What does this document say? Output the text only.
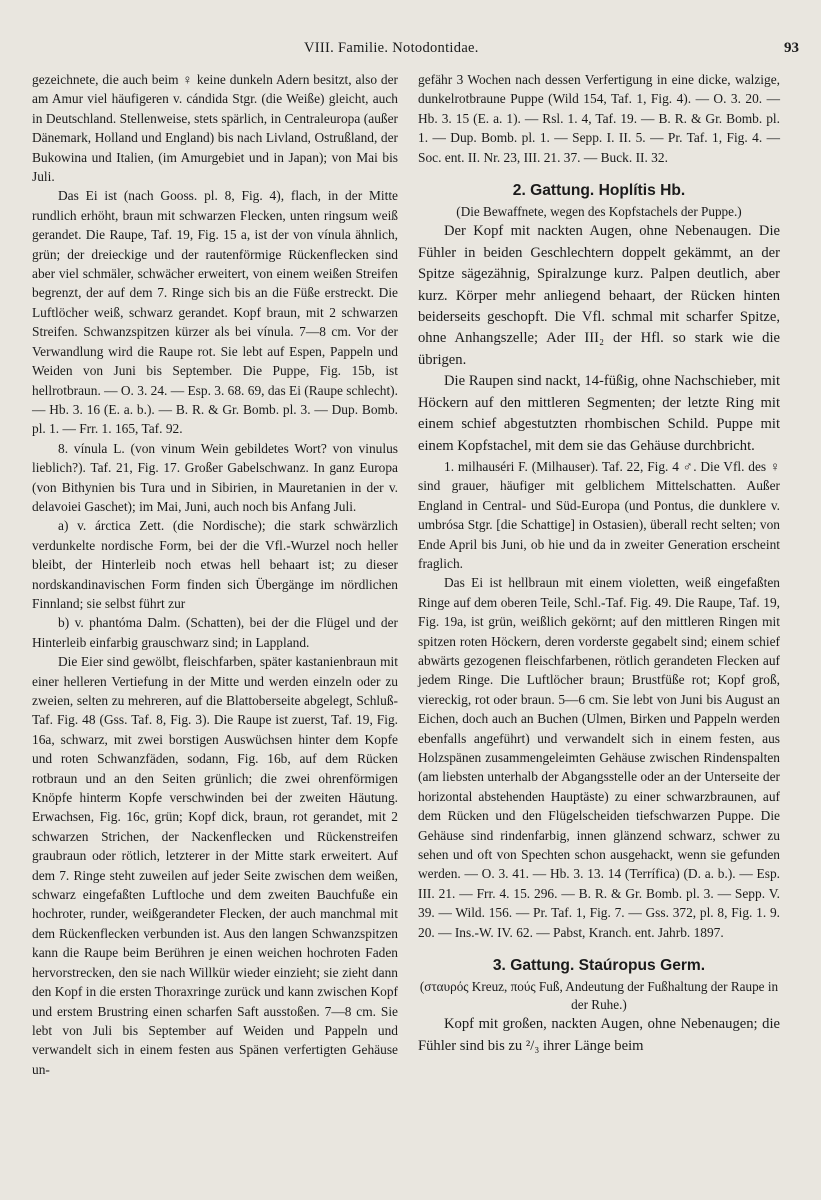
VIII. Familie. Notodontidae.	93

gezeichnete, die auch beim ♀ keine dunkeln Adern besitzt, also der am Amur viel häufigeren v. cándida Stgr. (die Weiße) gleicht, auch in Deutschland. Stellenweise, stets spärlich, in Centraleuropa (außer Dänemark, Holland und England) bis nach Livland, Ostrußland, der Bukowina und Italien, (im Amurgebiet und in Japan); von Mai bis Juli.

Das Ei ist (nach Gooss. pl. 8, Fig. 4), flach, in der Mitte rundlich erhöht, braun mit schwarzen Flecken, unten ringsum weiß gerandet. Die Raupe, Taf. 19, Fig. 15 a, ist der von vínula ähnlich, grün; der dreieckige und der rautenförmige Rückenflecken sind aber viel schmäler, schwächer erweitert, von einem weißen Streifen begrenzt, der auf dem 7. Ringe sich bis an die Füße erstreckt. Die Luftlöcher weiß, schwarz gerandet. Kopf braun, mit 2 schwarzen Streifen. Schwanzspitzen kürzer als bei vínula. 7—8 cm. Vor der Verwandlung wird die Raupe rot. Sie lebt auf Espen, Pappeln und Weiden von Juni bis September. Die Puppe, Fig. 15b, ist hellrotbraun. — O. 3. 24. — Esp. 3. 68. 69, das Ei (Raupe schlecht). — Hb. 3. 16 (E. a. b.). — B. R. & Gr. Bomb. pl. 3. — Dup. Bomb. pl. 1. — Frr. 1. 165, Taf. 92.

8. vínula L. (von vinum Wein gebildetes Wort? von vinulus lieblich?). Taf. 21, Fig. 17. Großer Gabelschwanz. In ganz Europa (von Bithynien bis Tura und in Sibirien, in Mauretanien in der v. delavoiei Gaschet); im Mai, Juni, auch noch bis Anfang Juli.

a) v. árctica Zett. (die Nordische); die stark schwärzlich verdunkelte nordische Form, bei der die Vfl.-Wurzel noch heller bleibt, der Hinterleib noch etwas hell behaart ist; zu dieser nordskandinavischen Form finden sich Übergänge im nördlichen Finnland; sie selbst führt zur

b) v. phantóma Dalm. (Schatten), bei der die Flügel und der Hinterleib einfarbig grauschwarz sind; in Lappland.

Die Eier sind gewölbt, fleischfarben, später kastanienbraun mit einer helleren Vertiefung in der Mitte und werden einzeln oder zu zweien, selten zu mehreren, auf die Blattoberseite abgelegt, Schluß-Taf. Fig. 48 (Gss. Taf. 8, Fig. 3). Die Raupe ist zuerst, Taf. 19, Fig. 16a, schwarz, mit zwei borstigen Auswüchsen hinter dem Kopfe und roten Schwanzfäden, sodann, Fig. 16b, auf dem Rücken rotbraun und an den Seiten grünlich; die zwei ohrenförmigen Knöpfe hinterm Kopfe verschwinden bei der zweiten Häutung. Erwachsen, Fig. 16c, grün; Kopf dick, braun, rot gerandet, mit 2 schwarzen Strichen, der Nackenflecken und Rückenstreifen graubraun oder rötlich, letzterer in der Mitte stark erweitert. Auf dem 7. Ringe steht zuweilen auf jeder Seite zwischen dem weißen, schwarz eingefaßten Luftloche und dem zweiten Bauchfuße ein hochroter, runder, weißgerandeter Flecken, der auch manchmal mit dem Rückenflecken verbunden ist. Aus den langen Schwanzspitzen kann die Raupe beim Berühren je einen weichen hochroten Faden hervorstrecken, den sie nach Willkür wieder einzieht; sie zieht dann den Kopf in die ersten Thoraxringe zurück und kann zwischen Kopf und erstem Brustring einen scharfen Saft ausstoßen. 7—8 cm. Sie lebt von Juli bis September auf Weiden und Pappeln und verwandelt sich in einem festen aus Spänen verfertigten Gehäuse un-

gefähr 3 Wochen nach dessen Verfertigung in eine dicke, walzige, dunkelrotbraune Puppe (Wild 154, Taf. 1, Fig. 4). — O. 3. 20. — Hb. 3. 15 (E. a. 1). — Rsl. 1. 4, Taf. 19. — B. R. & Gr. Bomb. pl. 1. — Dup. Bomb. pl. 1. — Sepp. I. II. 5. — Pr. Taf. 1, Fig. 4. — Soc. ent. II. Nr. 23, III. 21. 37. — Buck. II. 32.

2. Gattung. Hoplítis Hb.
(Die Bewaffnete, wegen des Kopfstachels der Puppe.)

Der Kopf mit nackten Augen, ohne Nebenaugen. Die Fühler in beiden Geschlechtern doppelt gekämmt, an der Spitze sägezähnig, Spiralzunge kurz. Palpen deutlich, aber kurz. Körper mehr anliegend behaart, der Rücken hinten beiderseits geschopft. Die Vfl. schmal mit scharfer Spitze, ohne Anhangszelle; Ader III₂ der Hfl. so stark wie die übrigen.

Die Raupen sind nackt, 14-füßig, ohne Nachschieber, mit Höckern auf den mittleren Segmenten; der letzte Ring mit einem schief abgestutzten rhombischen Schild. Puppe mit einem Kopfstachel, mit dem sie das Gehäuse durchbricht.

1. milhauséri F. (Milhauser). Taf. 22, Fig. 4 ♂. Die Vfl. des ♀ sind grauer, häufiger mit gelblichem Mittelschatten. Außer England in Central- und Süd-Europa (und Pontus, die dunklere v. umbrósa Stgr. [die Schattige] in Ostasien), überall recht selten; von Ende April bis Juni, ob hie und da in zweiter Generation erscheint fraglich.

Das Ei ist hellbraun mit einem violetten, weiß eingefaßten Ringe auf dem oberen Teile, Schl.-Taf. Fig. 49. Die Raupe, Taf. 19, Fig. 19a, ist grün, weißlich gekörnt; auf den mittleren Ringen mit spitzen roten Höckern, deren vorderste gegabelt sind; einem schief abwärts gezogenen fleischfarbenen, rötlich gerandeten Flecken auf jedem Ringe. Die Luftlöcher braun; Brustfüße rot; Kopf groß, viereckig, rot oder braun. 5—6 cm. Sie lebt von Juni bis August an Eichen, doch auch an Buchen (Ulmen, Birken und Pappeln werden ebenfalls angeführt) und verwandelt sich in einem festen, aus Holzspänen zusammengeleimten Gehäuse zwischen Rindenspalten (am liebsten unterhalb der Abgangsstelle oder an der Unterseite der horizontal abstehenden Hauptäste) zu einer schwarzbraunen, auf dem Rücken und den Flügelscheiden tiefschwarzen Puppe. Die Gehäuse sind rindenfarbig, innen glänzend schwarz, schwer zu sehen und oft von Spechten schon ausgehackt, wenn sie gefunden werden. — O. 3. 41. — Hb. 3. 13. 14 (Terrífica) (D. a. b.). — Esp. III. 21. — Frr. 4. 15. 296. — B. R. & Gr. Bomb. pl. 3. — Sepp. V. 39. — Wild. 156. — Pr. Taf. 1, Fig. 7. — Gss. 372, pl. 8, Fig. 1. 9. 20. — Ins.-W. IV. 62. — Pabst, Kranch. ent. Jahrb. 1897.

3. Gattung. Staúropus Germ.
(σταυρός Kreuz, πούς Fuß, Andeutung der Fußhaltung der Raupe in der Ruhe.)

Kopf mit großen, nackten Augen, ohne Nebenaugen; die Fühler sind bis zu ²/₃ ihrer Länge beim
